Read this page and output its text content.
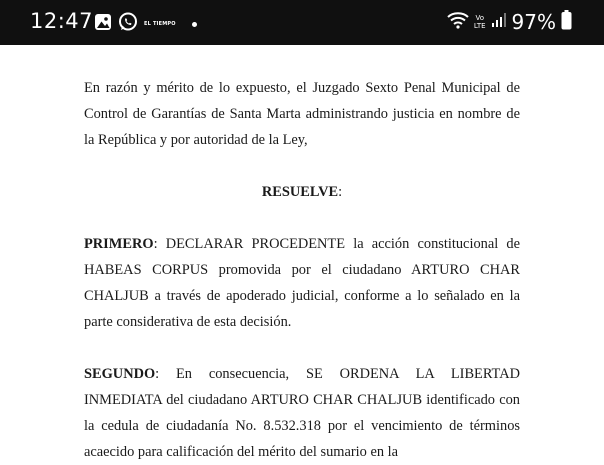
12:47	EL TIEMPO
Vo
LTE 97%

En razón y mérito de lo expuesto, el Juzgado Sexto Penal Municipal de Control de Garantías de Santa Marta administrando justicia en nombre de la República y por autoridad de la Ley,

RESUELVE:

PRIMERO: DECLARAR PROCEDENTE la acción constitucional de HABEAS CORPUS promovida por el ciudadano ARTURO CHAR CHALJUB a través de apoderado judicial, conforme a lo señalado en la parte considerativa de esta decisión.

SEGUNDO: En consecuencia, SE ORDENA LA LIBERTAD INMEDIATA del ciudadano ARTURO CHAR CHALJUB identificado con la cedula de ciudadanía No. 8.532.318 por el vencimiento de términos acaecido para calificación del mérito del sumario en la
